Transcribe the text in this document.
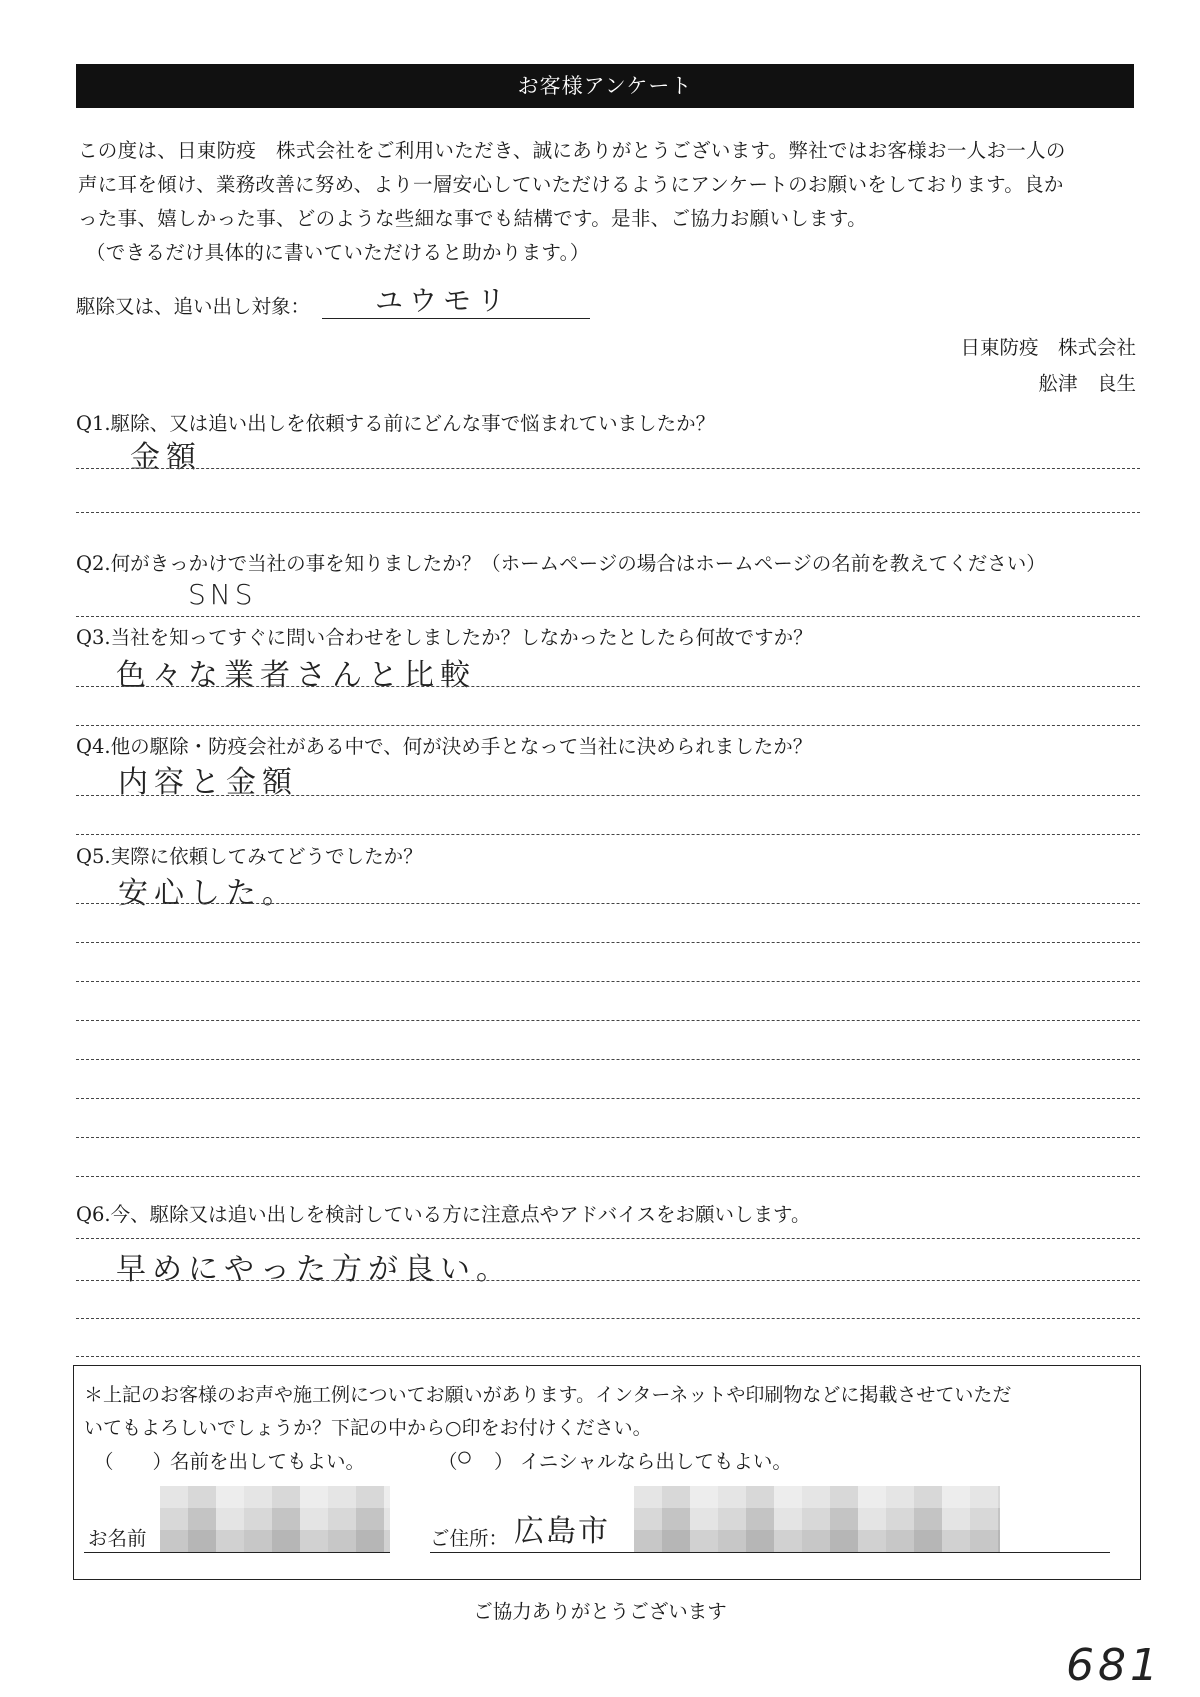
お客様アンケート

この度は、日東防疫　株式会社をご利用いただき、誠にありがとうございます。弊社ではお客様お一人お一人の

声に耳を傾け、業務改善に努め、より一層安心していただけるようにアンケートのお願いをしております。良か

った事、嬉しかった事、どのような些細な事でも結構です。是非、ご協力お願いします。

（できるだけ具体的に書いていただけると助かります。）

駆除又は、追い出し対象： ユウモリ
日東防疫　株式会社
舩津　良生
Q1.駆除、又は追い出しを依頼する前にどんな事で悩まれていましたか？
金額
Q2.何がきっかけで当社の事を知りましたか？（ホームページの場合はホームページの名前を教えてください）
SNS
Q3.当社を知ってすぐに問い合わせをしましたか？しなかったとしたら何故ですか？
色々な業者さんと比較
Q4.他の駆除・防疫会社がある中で、何が決め手となって当社に決められましたか？
内容と金額
Q5.実際に依頼してみてどうでしたか？
安心した。
Q6.今、駆除又は追い出しを検討している方に注意点やアドバイスをお願いします。
早めにやった方が良い。
＊上記のお客様のお声や施工例についてお願いがあります。インターネットや印刷物などに掲載させていただ
いてもよろしいでしょうか？下記の中から○印をお付けください。
（　　）
名前を出してもよい。	（
○ ） イニシャルなら出してもよい。
お名前	ご住所： 広島市
ご協力ありがとうございます
681
